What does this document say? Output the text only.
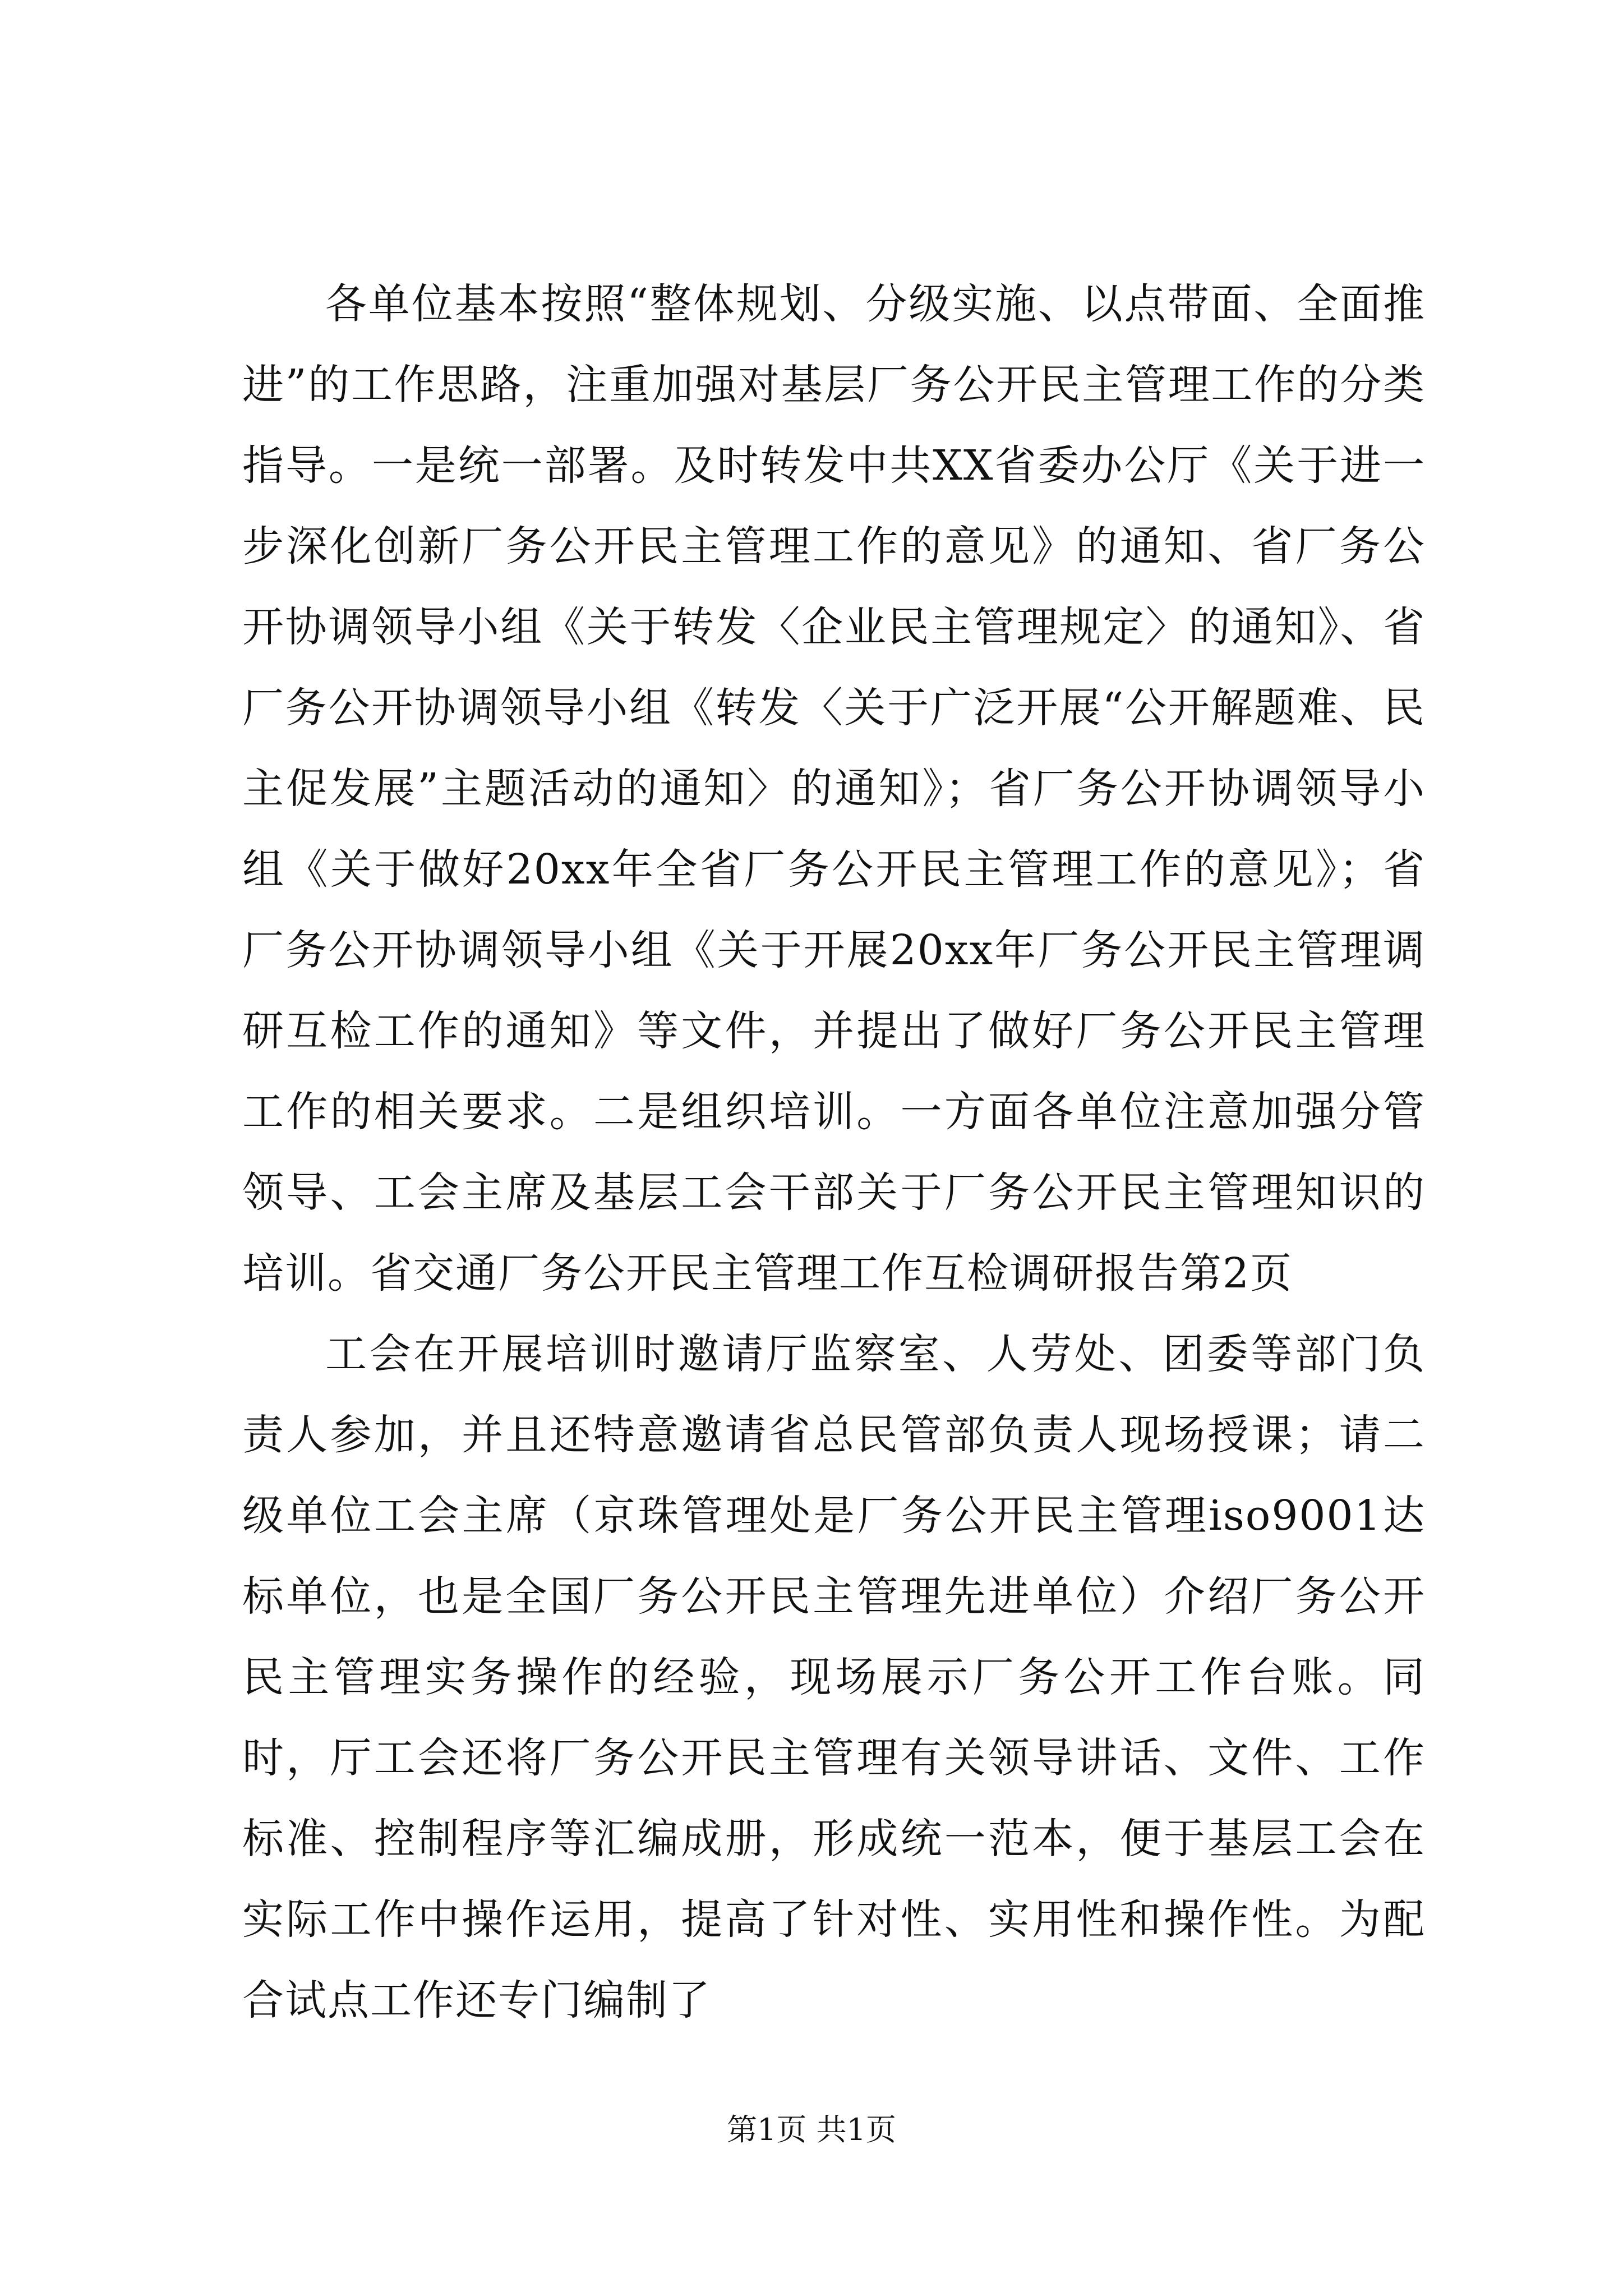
各单位基本按照“整体规划、分级实施、以点带面、全面推进”的工作思路，注重加强对基层厂务公开民主管理工作的分类指导。一是统一部署。及时转发中共XX省委办公厅《关于进一步深化创新厂务公开民主管理工作的意见》的通知、省厂务公开协调领导小组《关于转发〈企业民主管理规定〉的通知》、省厂务公开协调领导小组《转发〈关于广泛开展“公开解题难、民主促发展”主题活动的通知〉的通知》；省厂务公开协调领导小组《关于做好20xx年全省厂务公开民主管理工作的意见》；省厂务公开协调领导小组《关于开展20xx年厂务公开民主管理调研互检工作的通知》等文件，并提出了做好厂务公开民主管理工作的相关要求。二是组织培训。一方面各单位注意加强分管领导、工会主席及基层工会干部关于厂务公开民主管理知识的培训。省交通厂务公开民主管理工作互检调研报告第2页

工会在开展培训时邀请厅监察室、人劳处、团委等部门负责人参加，并且还特意邀请省总民管部负责人现场授课；请二级单位工会主席（京珠管理处是厂务公开民主管理iso9001达标单位，也是全国厂务公开民主管理先进单位）介绍厂务公开民主管理实务操作的经验，现场展示厂务公开工作台账。同时，厅工会还将厂务公开民主管理有关领导讲话、文件、工作标准、控制程序等汇编成册，形成统一范本，便于基层工会在实际工作中操作运用，提高了针对性、实用性和操作性。为配合试点工作还专门编制了

第1页 共1页
